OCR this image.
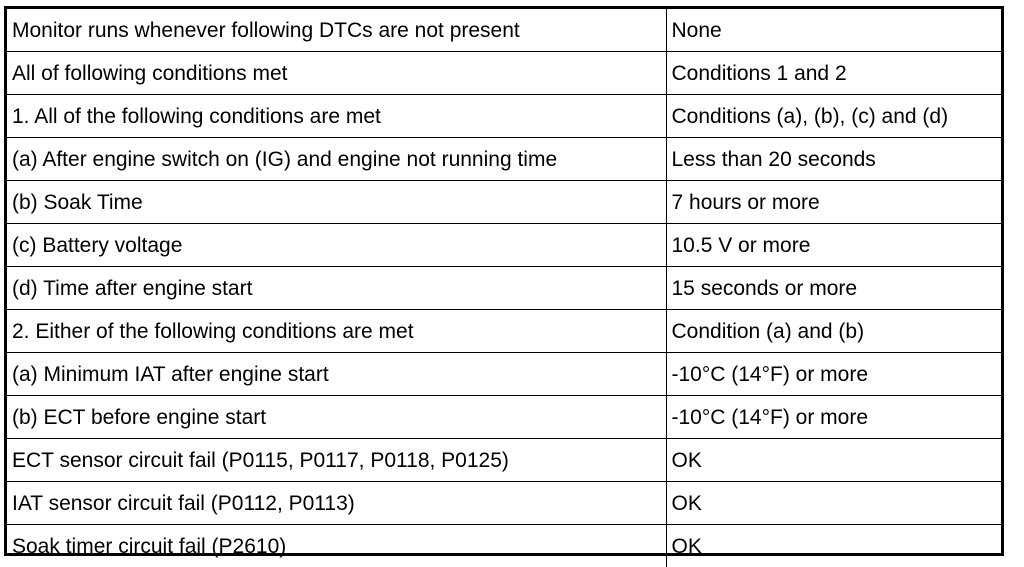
Monitor runs whenever following DTCs are not present	None
All of following conditions met	Conditions 1 and 2
1. All of the following conditions are met	Conditions (a), (b), (c) and (d)
(a) After engine switch on (IG) and engine not running time	Less than 20 seconds
(b) Soak Time	7 hours or more
(c) Battery voltage	10.5 V or more
(d) Time after engine start	15 seconds or more
2. Either of the following conditions are met	Condition (a) and (b)
(a) Minimum IAT after engine start	-10°C (14°F) or more
(b) ECT before engine start	-10°C (14°F) or more
ECT sensor circuit fail (P0115, P0117, P0118, P0125)	OK
IAT sensor circuit fail (P0112, P0113)	OK
Soak timer circuit fail (P2610)	OK
